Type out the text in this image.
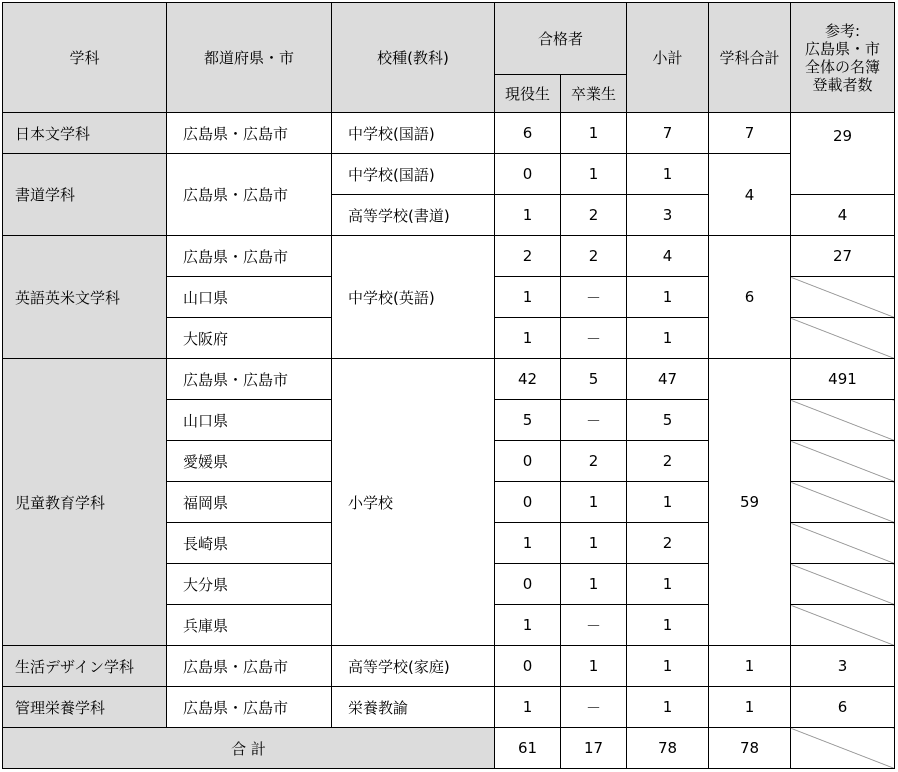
学科	都道府県・市	校種(教科)	合格者		小計	学科合計	参考:
広島県・市
全体の名簿
登載者数
			現役生	卒業生			
日本文学科	広島県・広島市	中学校(国語)	6	1	7	7	29
書道学科	広島県・広島市	中学校(国語)	0	1	1	4	
		高等学校(書道)	1	2	3		4
英語英米文学科	広島県・広島市	中学校(英語)	2	2	4	6	27
	山口県		1	－	1		
	大阪府		1	－	1		
児童教育学科	広島県・広島市	小学校	42	5	47	59	491
	山口県		5	－	5		
	愛媛県		0	2	2		
	福岡県		0	1	1		
	長崎県		1	1	2		
	大分県		0	1	1		
	兵庫県		1	－	1		
生活デザイン学科	広島県・広島市	高等学校(家庭)	0	1	1	1	3
管理栄養学科	広島県・広島市	栄養教諭	1	－	1	1	6
合 計			61	17	78	78	
